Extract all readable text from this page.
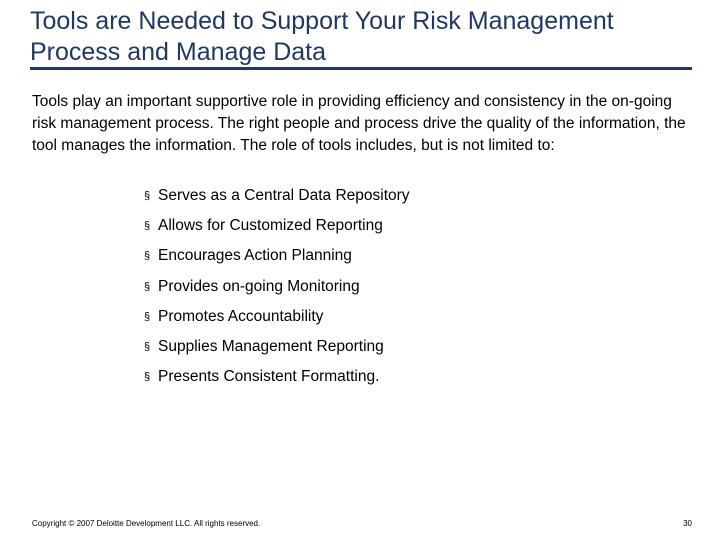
Tools are Needed to Support Your Risk Management Process and Manage Data

Tools play an important supportive role in providing efficiency and consistency in the on-going risk management process. The right people and process drive the quality of the information, the tool manages the information. The role of tools includes, but is not limited to:

§ Serves as a Central Data Repository
§ Allows for Customized Reporting
§ Encourages Action Planning
§ Provides on-going Monitoring
§ Promotes Accountability
§ Supplies Management Reporting
§ Presents Consistent Formatting.
Copyright © 2007 Deloitte Development LLC. All rights reserved.	30
